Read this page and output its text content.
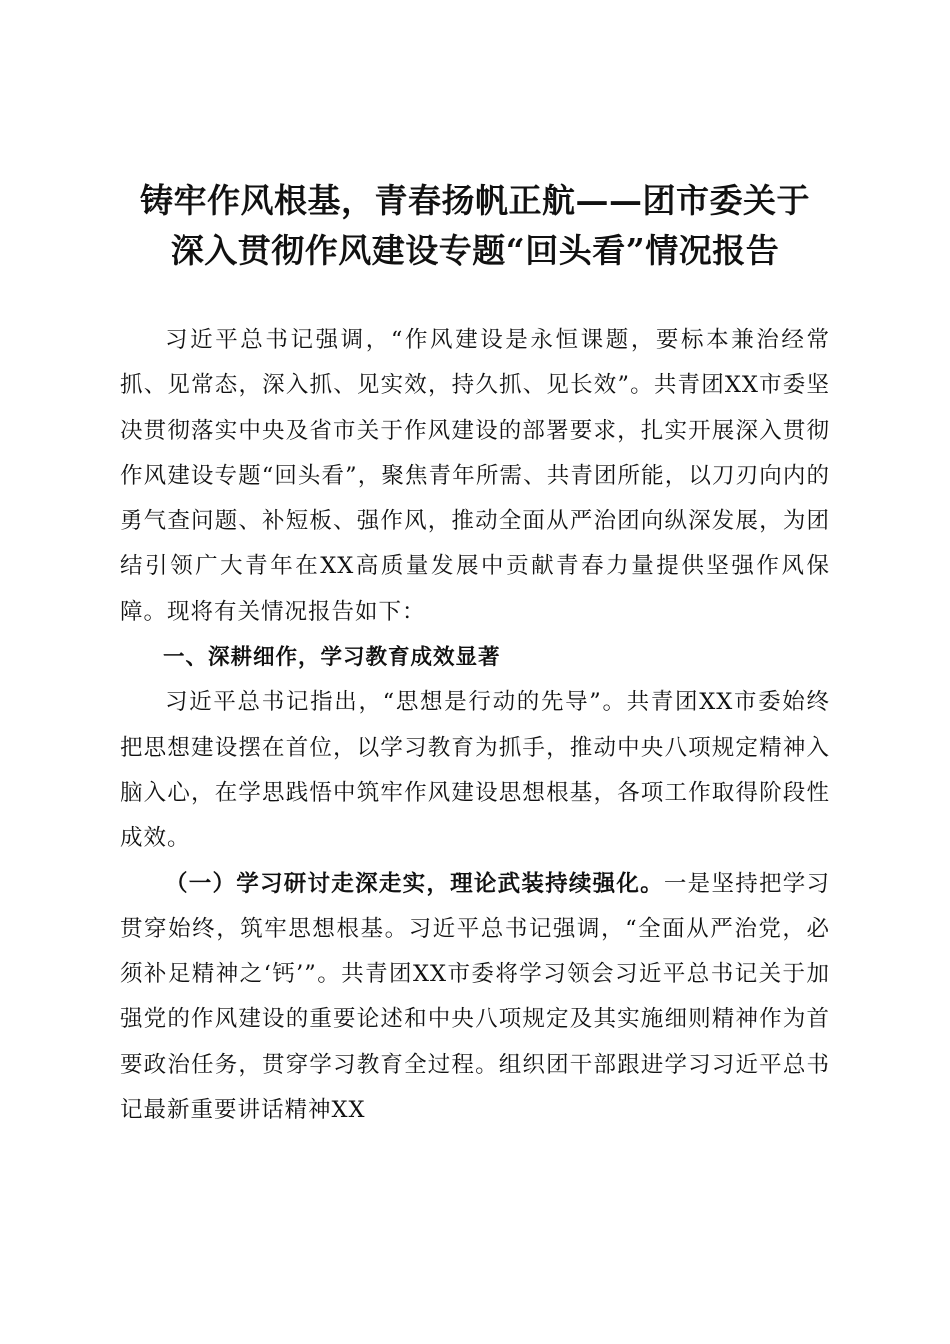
铸牢作风根基，青春扬帆正航——团市委关于
深入贯彻作风建设专题“回头看”情况报告

习近平总书记强调，“作风建设是永恒课题，要标本兼治经常抓、见常态，深入抓、见实效，持久抓、见长效”。共青团XX市委坚决贯彻落实中央及省市关于作风建设的部署要求，扎实开展深入贯彻作风建设专题“回头看”，聚焦青年所需、共青团所能，以刀刃向内的勇气查问题、补短板、强作风，推动全面从严治团向纵深发展，为团结引领广大青年在XX高质量发展中贡献青春力量提供坚强作风保障。现将有关情况报告如下：

一、深耕细作，学习教育成效显著

习近平总书记指出，“思想是行动的先导”。共青团XX市委始终把思想建设摆在首位，以学习教育为抓手，推动中央八项规定精神入脑入心，在学思践悟中筑牢作风建设思想根基，各项工作取得阶段性成效。

（一）学习研讨走深走实，理论武装持续强化。一是坚持把学习贯穿始终，筑牢思想根基。习近平总书记强调，“全面从严治党，必须补足精神之‘钙’”。共青团XX市委将学习领会习近平总书记关于加强党的作风建设的重要论述和中央八项规定及其实施细则精神作为首要政治任务，贯穿学习教育全过程。组织团干部跟进学习习近平总书记最新重要讲话精神XX
